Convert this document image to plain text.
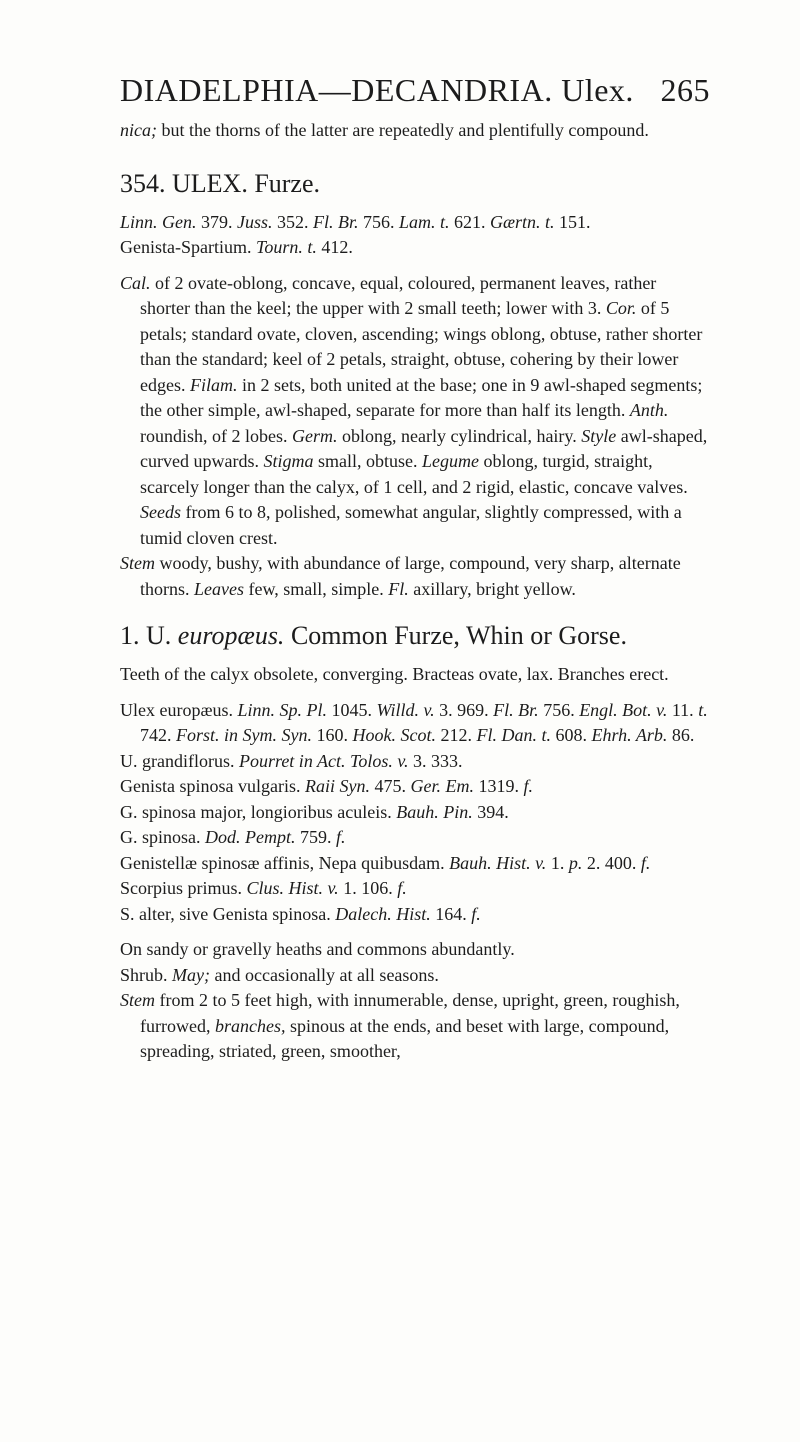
DIADELPHIA—DECANDRIA. Ulex. 265

nica; but the thorns of the latter are repeatedly and plentifully compound.

354. ULEX. Furze.

Linn. Gen. 379. Juss. 352. Fl. Br. 756. Lam. t. 621. Gærtn. t. 151.

Genista-Spartium. Tourn. t. 412.

Cal. of 2 ovate-oblong, concave, equal, coloured, permanent leaves, rather shorter than the keel; the upper with 2 small teeth; lower with 3. Cor. of 5 petals; standard ovate, cloven, ascending; wings oblong, obtuse, rather shorter than the standard; keel of 2 petals, straight, obtuse, cohering by their lower edges. Filam. in 2 sets, both united at the base; one in 9 awl-shaped segments; the other simple, awl-shaped, separate for more than half its length. Anth. roundish, of 2 lobes. Germ. oblong, nearly cylindrical, hairy. Style awl-shaped, curved upwards. Stigma small, obtuse. Legume oblong, turgid, straight, scarcely longer than the calyx, of 1 cell, and 2 rigid, elastic, concave valves. Seeds from 6 to 8, polished, somewhat angular, slightly compressed, with a tumid cloven crest.

Stem woody, bushy, with abundance of large, compound, very sharp, alternate thorns. Leaves few, small, simple. Fl. axillary, bright yellow.

1. U. europæus. Common Furze, Whin or Gorse.

Teeth of the calyx obsolete, converging. Bracteas ovate, lax. Branches erect.

Ulex europæus. Linn. Sp. Pl. 1045. Willd. v. 3. 969. Fl. Br. 756. Engl. Bot. v. 11. t. 742. Forst. in Sym. Syn. 160. Hook. Scot. 212. Fl. Dan. t. 608. Ehrh. Arb. 86.

U. grandiflorus. Pourret in Act. Tolos. v. 3. 333.

Genista spinosa vulgaris. Raii Syn. 475. Ger. Em. 1319. f.

G. spinosa major, longioribus aculeis. Bauh. Pin. 394.

G. spinosa. Dod. Pempt. 759. f.

Genistellæ spinosæ affinis, Nepa quibusdam. Bauh. Hist. v. 1. p. 2. 400. f.

Scorpius primus. Clus. Hist. v. 1. 106. f.

S. alter, sive Genista spinosa. Dalech. Hist. 164. f.

On sandy or gravelly heaths and commons abundantly.

Shrub. May; and occasionally at all seasons.

Stem from 2 to 5 feet high, with innumerable, dense, upright, green, roughish, furrowed, branches, spinous at the ends, and beset with large, compound, spreading, striated, green, smoother,
